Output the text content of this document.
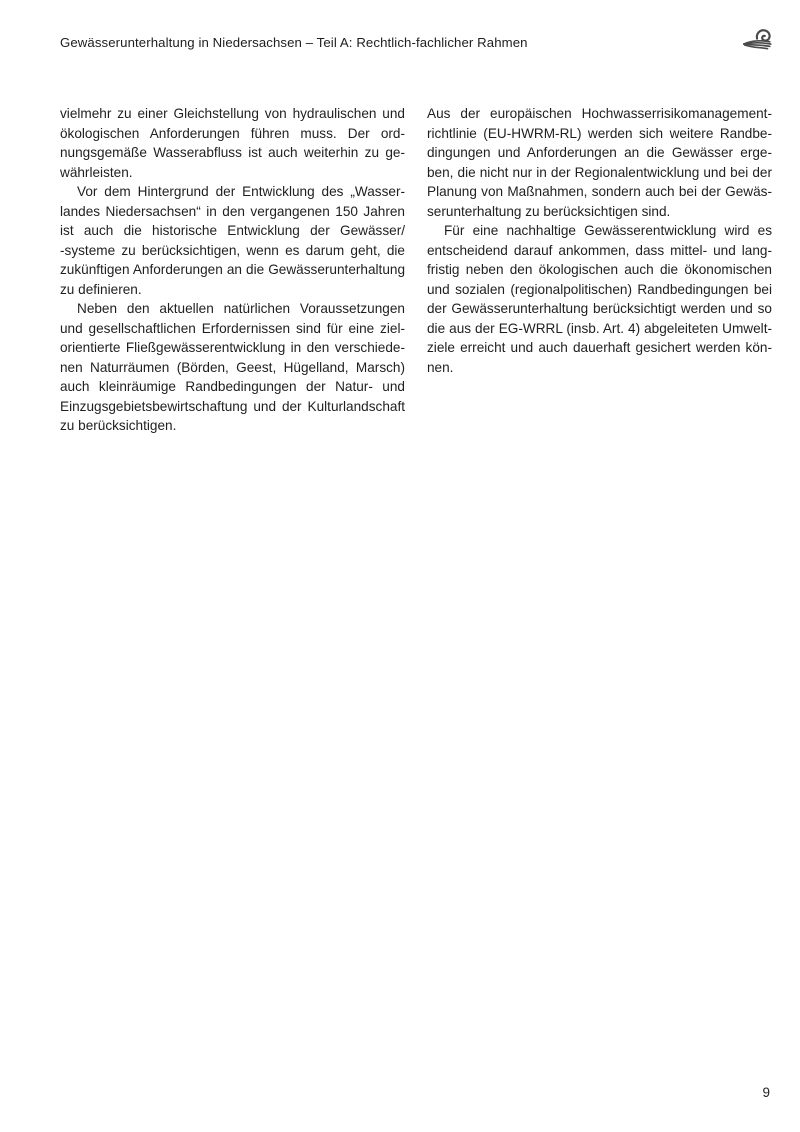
Gewässerunterhaltung in Niedersachsen – Teil A: Rechtlich-fachlicher Rahmen
vielmehr zu einer Gleichstellung von hydraulischen und
ökologischen Anforderungen führen muss. Der ord-
nungsgemäße Wasserabfluss ist auch weiterhin zu ge-
währleisten.
Vor dem Hintergrund der Entwicklung des „Wasser-
landes Niedersachsen“ in den vergangenen 150 Jahren
ist auch die historische Entwicklung der Gewässer/
-systeme zu berücksichtigen, wenn es darum geht, die
zukünftigen Anforderungen an die Gewässerunterhaltung
zu definieren.
Neben den aktuellen natürlichen Voraussetzungen
und gesellschaftlichen Erfordernissen sind für eine ziel-
orientierte Fließgewässerentwicklung in den verschiede-
nen Naturräumen (Börden, Geest, Hügelland, Marsch)
auch kleinräumige Randbedingungen der Natur- und
Einzugsgebietsbewirtschaftung und der Kulturlandschaft
zu berücksichtigen.
Aus der europäischen Hochwasserrisikomanagement-
richtlinie (EU-HWRM-RL) werden sich weitere Randbe-
dingungen und Anforderungen an die Gewässer erge-
ben, die nicht nur in der Regionalentwicklung und bei der
Planung von Maßnahmen, sondern auch bei der Gewäs-
serunterhaltung zu berücksichtigen sind.
Für eine nachhaltige Gewässerentwicklung wird es
entscheidend darauf ankommen, dass mittel- und lang-
fristig neben den ökologischen auch die ökonomischen
und sozialen (regionalpolitischen) Randbedingungen bei
der Gewässerunterhaltung berücksichtigt werden und so
die aus der EG-WRRL (insb. Art. 4) abgeleiteten Umwelt-
ziele erreicht und auch dauerhaft gesichert werden kön-
nen.
9
